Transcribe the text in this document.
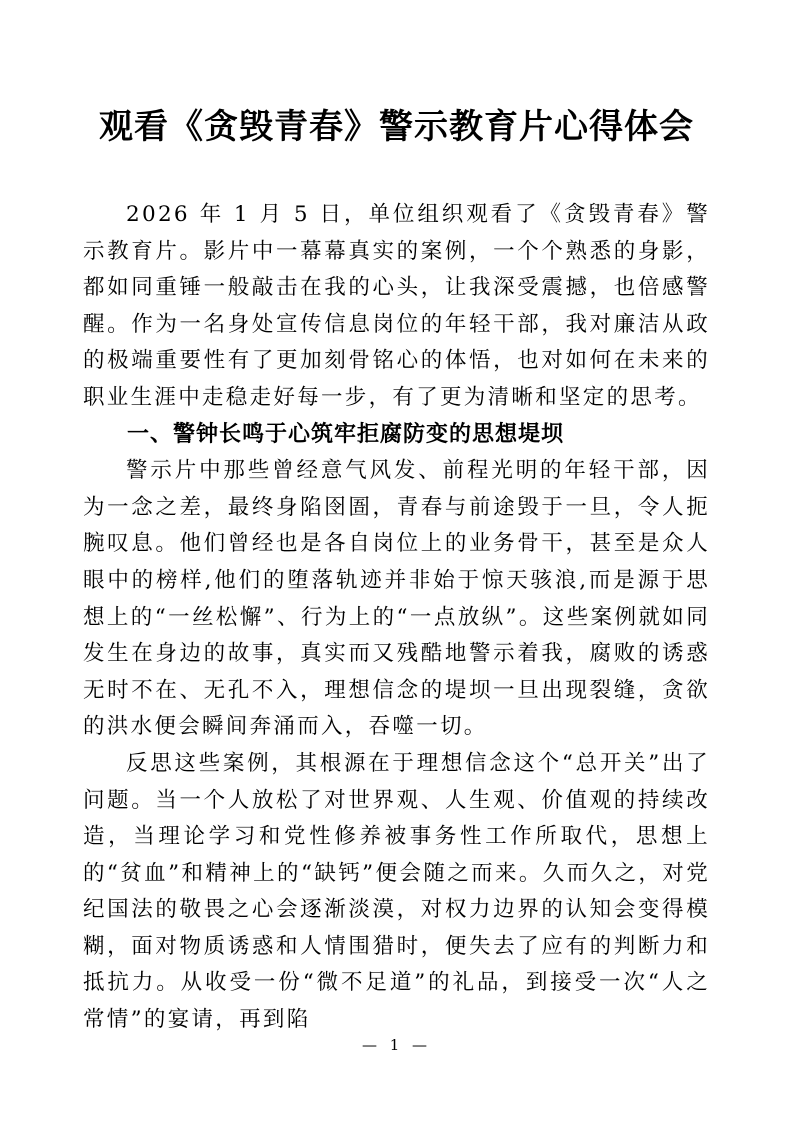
观看《贪毁青春》警示教育片心得体会

2026 年 1 月 5 日，单位组织观看了《贪毁青春》警示教育片。影片中一幕幕真实的案例，一个个熟悉的身影，都如同重锤一般敲击在我的心头，让我深受震撼，也倍感警醒。作为一名身处宣传信息岗位的年轻干部，我对廉洁从政的极端重要性有了更加刻骨铭心的体悟，也对如何在未来的职业生涯中走稳走好每一步，有了更为清晰和坚定的思考。

一、警钟长鸣于心筑牢拒腐防变的思想堤坝

警示片中那些曾经意气风发、前程光明的年轻干部，因为一念之差，最终身陷囹圄，青春与前途毁于一旦，令人扼腕叹息。他们曾经也是各自岗位上的业务骨干，甚至是众人眼中的榜样,他们的堕落轨迹并非始于惊天骇浪,而是源于思想上的“一丝松懈”、行为上的“一点放纵”。这些案例就如同发生在身边的故事，真实而又残酷地警示着我，腐败的诱惑无时不在、无孔不入，理想信念的堤坝一旦出现裂缝，贪欲的洪水便会瞬间奔涌而入，吞噬一切。

反思这些案例，其根源在于理想信念这个“总开关”出了问题。当一个人放松了对世界观、人生观、价值观的持续改造，当理论学习和党性修养被事务性工作所取代，思想上的“贫血”和精神上的“缺钙”便会随之而来。久而久之，对党纪国法的敬畏之心会逐渐淡漠，对权力边界的认知会变得模糊，面对物质诱惑和人情围猎时，便失去了应有的判断力和抵抗力。从收受一份“微不足道”的礼品，到接受一次“人之常情”的宴请，再到陷

— 1 —
